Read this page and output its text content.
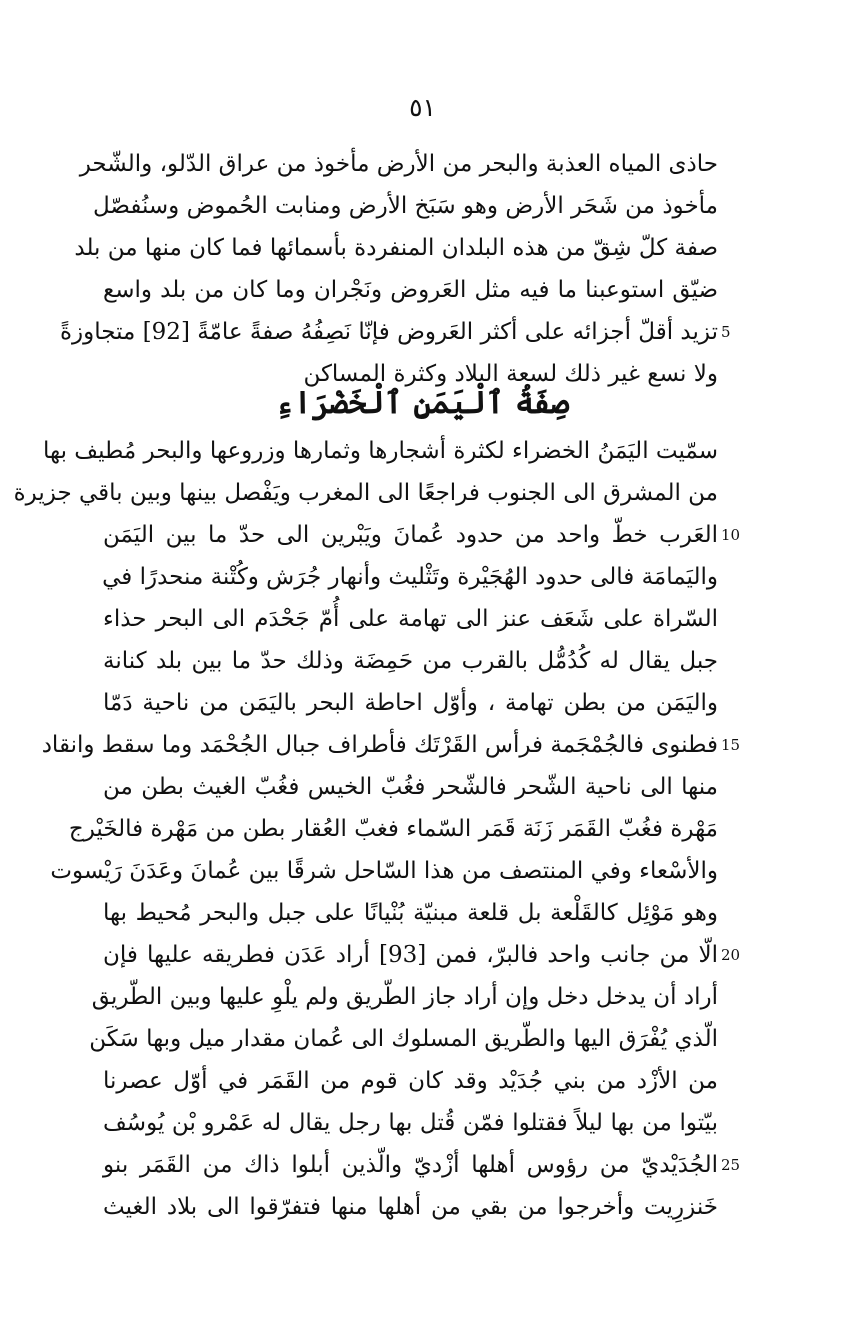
٥١
حاذى المياه العذبة والبحر من الأرض مأخوذ من عراق الدّلو، والشّحر
مأخوذ من شَحَر الأرض وهو سَبَخ الأرض ومنابت الحُموض وسنُفصّل
صفة كلّ شِقّ من هذه البلدان المنفردة بأسمائها فما كان منها من بلد
ضيّق استوعبنا ما فيه مثل العَروض ونَجْران وما كان من بلد واسع
تزيد أقلّ أجزائه على أكثر العَروض فإنّا نَصِفُهُ صفةً عامّةً [92] متجاوزةً
ولا نسع غير ذلك لسعة البلاد وكثرة المساكن
صِفَةُ ٱلْيَمَنِ ٱلْخَضْرَاءِ
سمّيت اليَمَنُ الخضراء لكثرة أشجارها وثمارها وزروعها والبحر مُطيف بها
من المشرق الى الجنوب فراجعًا الى المغرب ويَفْصل بينها وبين باقي جزيرة
العَرب خطّ واحد من حدود عُمانَ ويَبْرين الى حدّ ما بين اليَمَن
واليَمامَة فالى حدود الهُجَيْرة وتَثْليث وأنهار جُرَش وكُتْنة منحدرًا في
السّراة على شَعَف عنز الى تهامة على أُمّ جَحْدَم الى البحر حذاء
جبل يقال له كُدُمُّل بالقرب من حَمِضَة وذلك حدّ ما بين بلد كنانة
واليَمَن من بطن تهامة ، وأوّل احاطة البحر باليَمَن من ناحية دَمّا
فطنوى فالجُمْجَمة فرأس القَرْتَك فأطراف جبال الجُحْمَد وما سقط وانقاد
منها الى ناحية الشّحر فالشّحر فغُبّ الخيس فغُبّ الغيث بطن من
مَهْرة فغُبّ القَمَر زَنَة قَمَر السّماء فغبّ العُقار بطن من مَهْرة فالخَيْرج
والأسْعاء وفي المنتصف من هذا السّاحل شرقًا بين عُمانَ وعَدَنَ رَيْسوت
وهو مَوْئِل كالقَلْعة بل قلعة مبنيّة بُنْيانًا على جبل والبحر مُحيط بها
الّا من جانب واحد فالبرّ، فمن [93] أراد عَدَن فطريقه عليها فإن
أراد أن يدخل دخل وإن أراد جاز الطّريق ولم يلْوِ عليها وبين الطّريق
الّذي يُفْرَق اليها والطّريق المسلوك الى عُمان مقدار ميل وبها سَكَن
من الأزْد من بني جُدَيْد وقد كان قوم من القَمَر في أوّل عصرنا
بيّتوا من بها ليلاً فقتلوا فمّن قُتل بها رجل يقال له عَمْرو بْن يُوسُف
الجُدَيْديّ من رؤوس أهلها أزْديّ والّذين أبلوا ذاك من القَمَر بنو
خَنزرِيت وأخرجوا من بقي من أهلها منها فتفرّقوا الى بلاد الغيث
5
10
15
20
25
